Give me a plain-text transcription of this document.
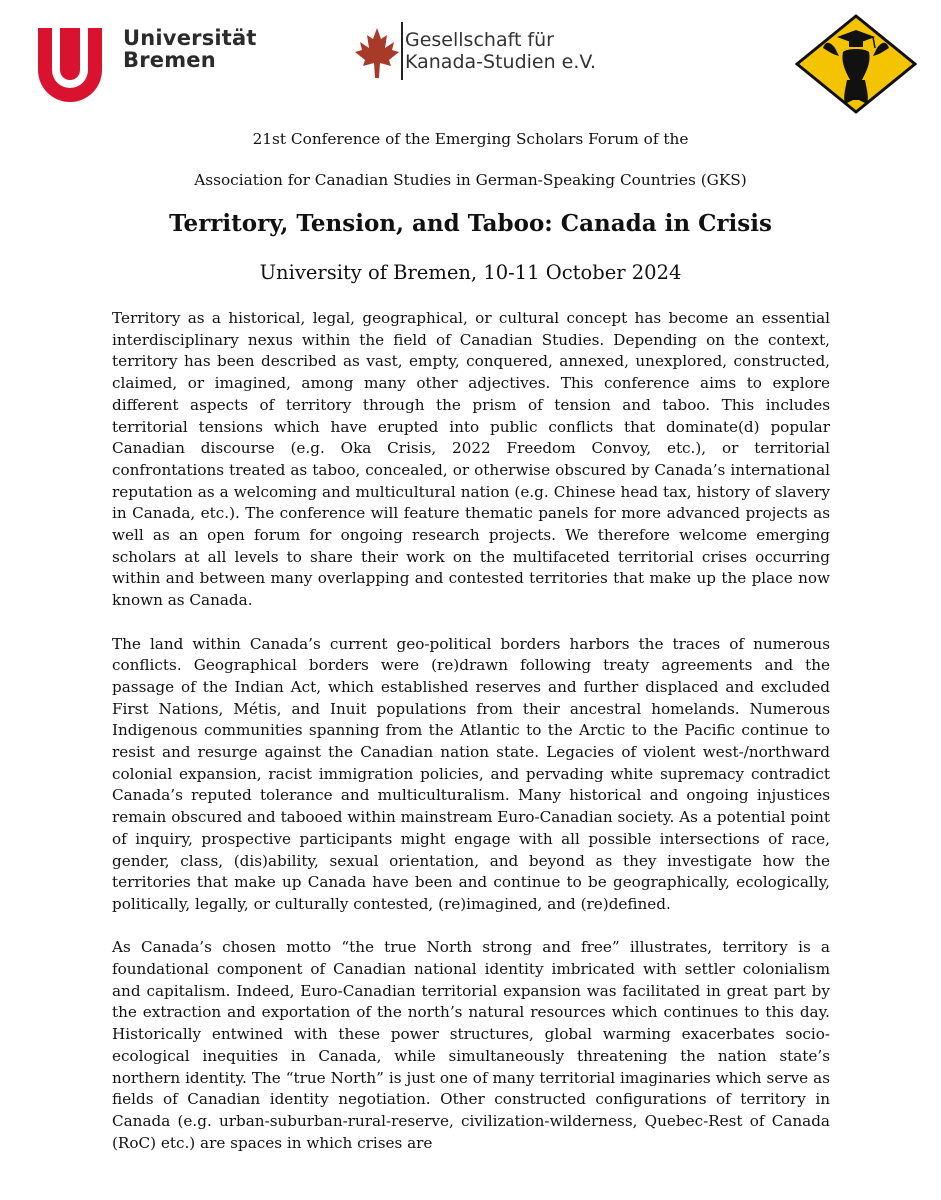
Universität
Bremen
Gesellschaft für
Kanada-Studien e.V.
21st Conference of the Emerging Scholars Forum of the
Association for Canadian Studies in German-Speaking Countries (GKS)
Territory, Tension, and Taboo: Canada in Crisis
University of Bremen, 10-11 October 2024

Territory as a historical, legal, geographical, or cultural concept has become an essential interdisciplinary nexus within the field of Canadian Studies. Depending on the context, territory has been described as vast, empty, conquered, annexed, unexplored, constructed, claimed, or imagined, among many other adjectives. This conference aims to explore different aspects of territory through the prism of tension and taboo. This includes territorial tensions which have erupted into public conflicts that dominate(d) popular Canadian discourse (e.g. Oka Crisis, 2022 Freedom Convoy, etc.), or territorial confrontations treated as taboo, concealed, or otherwise obscured by Canada’s international reputation as a welcoming and multicultural nation (e.g. Chinese head tax, history of slavery in Canada, etc.). The conference will feature thematic panels for more advanced projects as well as an open forum for ongoing research projects. We therefore welcome emerging scholars at all levels to share their work on the multifaceted territorial crises occurring within and between many overlapping and contested territories that make up the place now known as Canada.

The land within Canada’s current geo-political borders harbors the traces of numerous conflicts. Geographical borders were (re)drawn following treaty agreements and the passage of the Indian Act, which established reserves and further displaced and excluded First Nations, Métis, and Inuit populations from their ancestral homelands. Numerous Indigenous communities spanning from the Atlantic to the Arctic to the Pacific continue to resist and resurge against the Canadian nation state. Legacies of violent west-/northward colonial expansion, racist immigration policies, and pervading white supremacy contradict Canada’s reputed tolerance and multiculturalism. Many historical and ongoing injustices remain obscured and tabooed within mainstream Euro-Canadian society. As a potential point of inquiry, prospective participants might engage with all possible intersections of race, gender, class, (dis)ability, sexual orientation, and beyond as they investigate how the territories that make up Canada have been and continue to be geographically, ecologically, politically, legally, or culturally contested, (re)imagined, and (re)defined.

As Canada’s chosen motto “the true North strong and free” illustrates, territory is a foundational component of Canadian national identity imbricated with settler colonialism and capitalism. Indeed, Euro-Canadian territorial expansion was facilitated in great part by the extraction and exportation of the north’s natural resources which continues to this day. Historically entwined with these power structures, global warming exacerbates socio-ecological inequities in Canada, while simultaneously threatening the nation state’s northern identity. The “true North” is just one of many territorial imaginaries which serve as fields of Canadian identity negotiation. Other constructed configurations of territory in Canada (e.g. urban-suburban-rural-reserve, civilization-wilderness, Quebec-Rest of Canada (RoC) etc.) are spaces in which crises are
